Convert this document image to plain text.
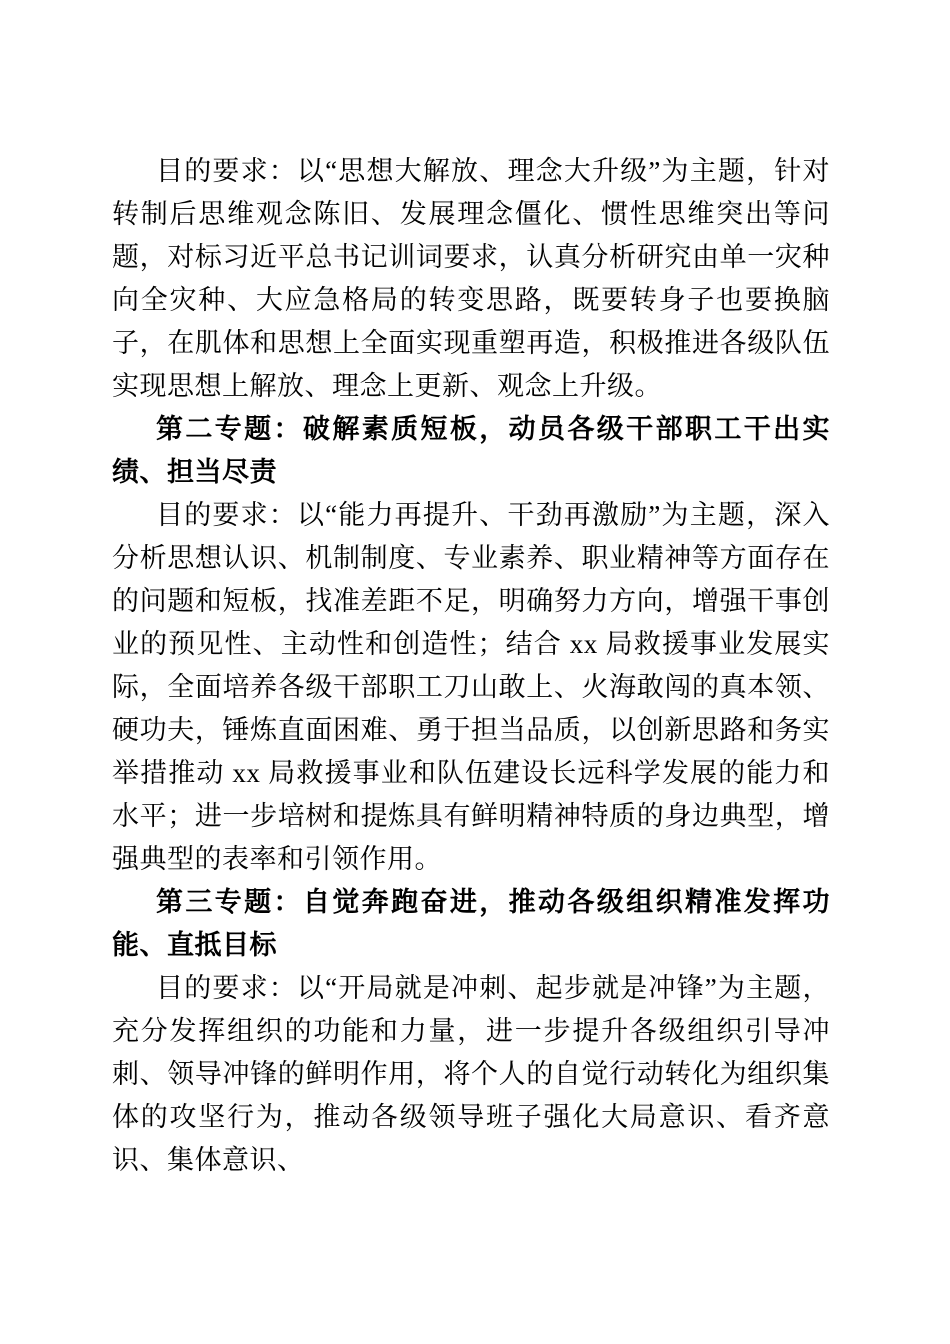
目的要求：以“思想大解放、理念大升级”为主题，针对转制后思维观念陈旧、发展理念僵化、惯性思维突出等问题，对标习近平总书记训词要求，认真分析研究由单一灾种向全灾种、大应急格局的转变思路，既要转身子也要换脑子，在肌体和思想上全面实现重塑再造，积极推进各级队伍实现思想上解放、理念上更新、观念上升级。

第二专题：破解素质短板，动员各级干部职工干出实绩、担当尽责

目的要求：以“能力再提升、干劲再激励”为主题，深入分析思想认识、机制制度、专业素养、职业精神等方面存在的问题和短板，找准差距不足，明确努力方向，增强干事创业的预见性、主动性和创造性；结合 xx 局救援事业发展实际，全面培养各级干部职工刀山敢上、火海敢闯的真本领、硬功夫，锤炼直面困难、勇于担当品质，以创新思路和务实举措推动 xx 局救援事业和队伍建设长远科学发展的能力和水平；进一步培树和提炼具有鲜明精神特质的身边典型，增强典型的表率和引领作用。

第三专题：自觉奔跑奋进，推动各级组织精准发挥功能、直抵目标

目的要求：以“开局就是冲刺、起步就是冲锋”为主题，充分发挥组织的功能和力量，进一步提升各级组织引导冲刺、领导冲锋的鲜明作用，将个人的自觉行动转化为组织集体的攻坚行为，推动各级领导班子强化大局意识、看齐意识、集体意识、
